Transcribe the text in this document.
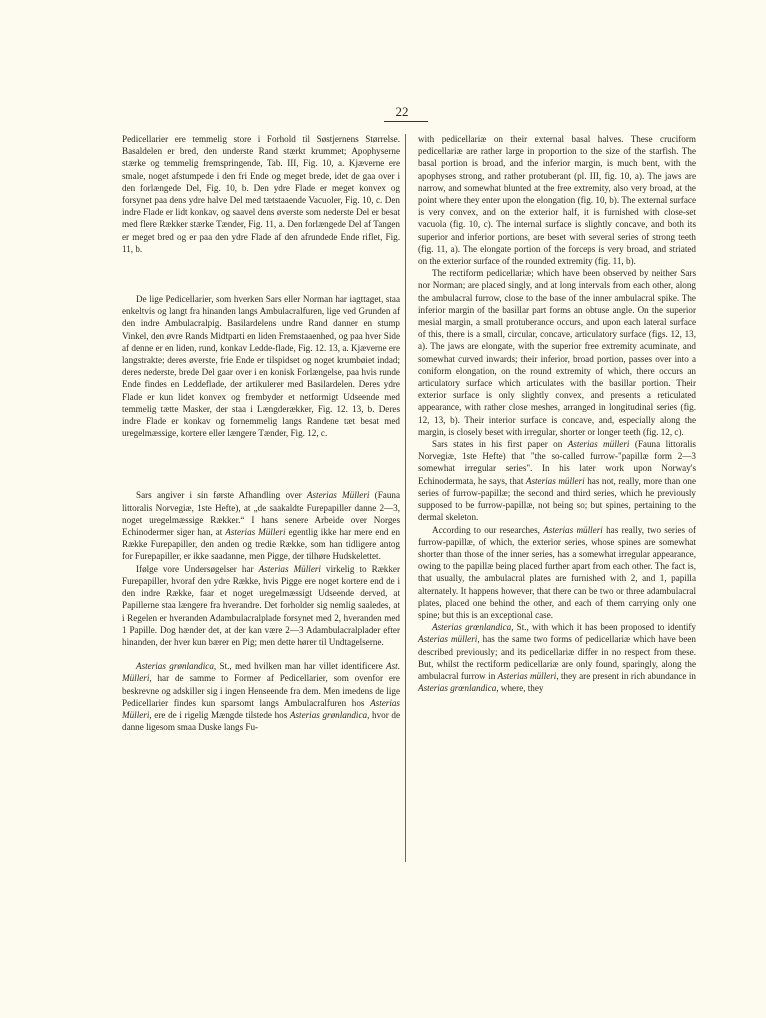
22

Pedicellarier ere temmelig store i Forhold til Søstjernens Størrelse. Basaldelen er bred, den underste Rand stærkt krummet; Apophyserne stærke og temmelig fremspringende, Tab. III, Fig. 10, a. Kjæverne ere smale, noget afstumpede i den fri Ende og meget brede, idet de gaa over i den forlængede Del, Fig. 10, b. Den ydre Flade er meget konvex og forsynet paa dens ydre halve Del med tætstaaende Vacuoler, Fig. 10, c. Den indre Flade er lidt konkav, og saavel dens øverste som nederste Del er besat med flere Rækker stærke Tænder, Fig. 11, a. Den forlængede Del af Tangen er meget bred og er paa den ydre Flade af den afrundede Ende riflet, Fig. 11, b.

De lige Pedicellarier, som hverken Sars eller Norman har iagttaget, staa enkeltvis og langt fra hinanden langs Ambulacralfuren, lige ved Grunden af den indre Ambulacralpig. Basilardelens undre Rand danner en stump Vinkel, den øvre Rands Midtparti en liden Fremstaaenhed, og paa hver Side af denne er en liden, rund, konkav Ledde-flade, Fig. 12. 13, a. Kjæverne ere langstrakte; deres øverste, frie Ende er tilspidset og noget krumbøiet indad; deres nederste, brede Del gaar over i en konisk Forlængelse, paa hvis runde Ende findes en Leddeflade, der artikulerer med Basilardelen. Deres ydre Flade er kun lidet konvex og frembyder et netformigt Udseende med temmelig tætte Masker, der staa i Længderækker, Fig. 12. 13, b. Deres indre Flade er konkav og fornemmelig langs Randene tæt besat med uregelmæssige, kortere eller længere Tænder, Fig. 12, c.

Sars angiver i sin første Afhandling over Asterias Mülleri (Fauna littoralis Norvegiæ, 1ste Hefte), at „de saakaldte Furepapiller danne 2—3, noget uregelmæssige Rækker.“ I hans senere Arbeide over Norges Echinodermer siger han, at Asterias Mülleri egentlig ikke har mere end en Række Furepapiller, den anden og tredie Række, som han tidligere antog for Furepapiller, er ikke saadanne, men Pigge, der tilhøre Hudskelettet.

Ifølge vore Undersøgelser har Asterias Mülleri virkelig to Rækker Furepapiller, hvoraf den ydre Række, hvis Pigge ere noget kortere end de i den indre Række, faar et noget uregelmæssigt Udseende derved, at Papillerne staa længere fra hverandre. Det forholder sig nemlig saaledes, at i Regelen er hveranden Adambulacralplade forsynet med 2, hveranden med 1 Papille. Dog hænder det, at der kan være 2—3 Adambulacralplader efter hinanden, der hver kun bærer en Pig; men dette hører til Undtagelserne.

Asterias grønlandica, St., med hvilken man har villet identificere Ast. Mülleri, har de samme to Former af Pedicellarier, som ovenfor ere beskrevne og adskiller sig i ingen Henseende fra dem. Men imedens de lige Pedicellarier findes kun sparsomt langs Ambulacralfuren hos Asterias Mülleri, ere de i rigelig Mængde tilstede hos Asterias grønlandica, hvor de danne ligesom smaa Duske langs Fu-

with pedicellariæ on their external basal halves. These cruciform pedicellariæ are rather large in proportion to the size of the starfish. The basal portion is broad, and the inferior margin, is much bent, with the apophyses strong, and rather protuberant (pl. III, fig. 10, a). The jaws are narrow, and somewhat blunted at the free extremity, also very broad, at the point where they enter upon the elongation (fig. 10, b). The external surface is very convex, and on the exterior half, it is furnished with close-set vacuola (fig. 10, c). The internal surface is slightly concave, and both its superior and inferior portions, are beset with several series of strong teeth (fig. 11, a). The elongate portion of the forceps is very broad, and striated on the exterior surface of the rounded extremity (fig. 11, b).

The rectiform pedicellariæ; which have been observed by neither Sars nor Norman; are placed singly, and at long intervals from each other, along the ambulacral furrow, close to the base of the inner ambulacral spike. The inferior margin of the basillar part forms an obtuse angle. On the superior mesial margin, a small protuberance occurs, and upon each lateral surface of this, there is a small, circular, concave, articulatory surface (figs. 12, 13, a). The jaws are elongate, with the superior free extremity acuminate, and somewhat curved inwards; their inferior, broad portion, passes over into a coniform elongation, on the round extremity of which, there occurs an articulatory surface which articulates with the basillar portion. Their exterior surface is only slightly convex, and presents a reticulated appearance, with rather close meshes, arranged in longitudinal series (fig. 12, 13, b). Their interior surface is concave, and, especially along the margin, is closely beset with irregular, shorter or longer teeth (fig. 12, c).

Sars states in his first paper on Asterias mülleri (Fauna littoralis Norvegiæ, 1ste Hefte) that "the so-called furrow-"papillæ form 2—3 somewhat irregular series". In his later work upon Norway's Echinodermata, he says, that Asterias mülleri has not, really, more than one series of furrow-papillæ; the second and third series, which he previously supposed to be furrow-papillæ, not being so; but spines, pertaining to the dermal skeleton.

According to our researches, Asterias mülleri has really, two series of furrow-papillæ, of which, the exterior series, whose spines are somewhat shorter than those of the inner series, has a somewhat irregular appearance, owing to the papillæ being placed further apart from each other. The fact is, that usually, the ambulacral plates are furnished with 2, and 1, papilla alternately. It happens however, that there can be two or three adambulacral plates, placed one behind the other, and each of them carrying only one spine; but this is an exceptional case.

Asterias grœnlandica, St., with which it has been proposed to identify Asterias mülleri, has the same two forms of pedicellariæ which have been described previously; and its pedicellariæ differ in no respect from these. But, whilst the rectiform pedicellariæ are only found, sparingly, along the ambulacral furrow in Asterias mülleri, they are present in rich abundance in Asterias grœnlandica, where, they
